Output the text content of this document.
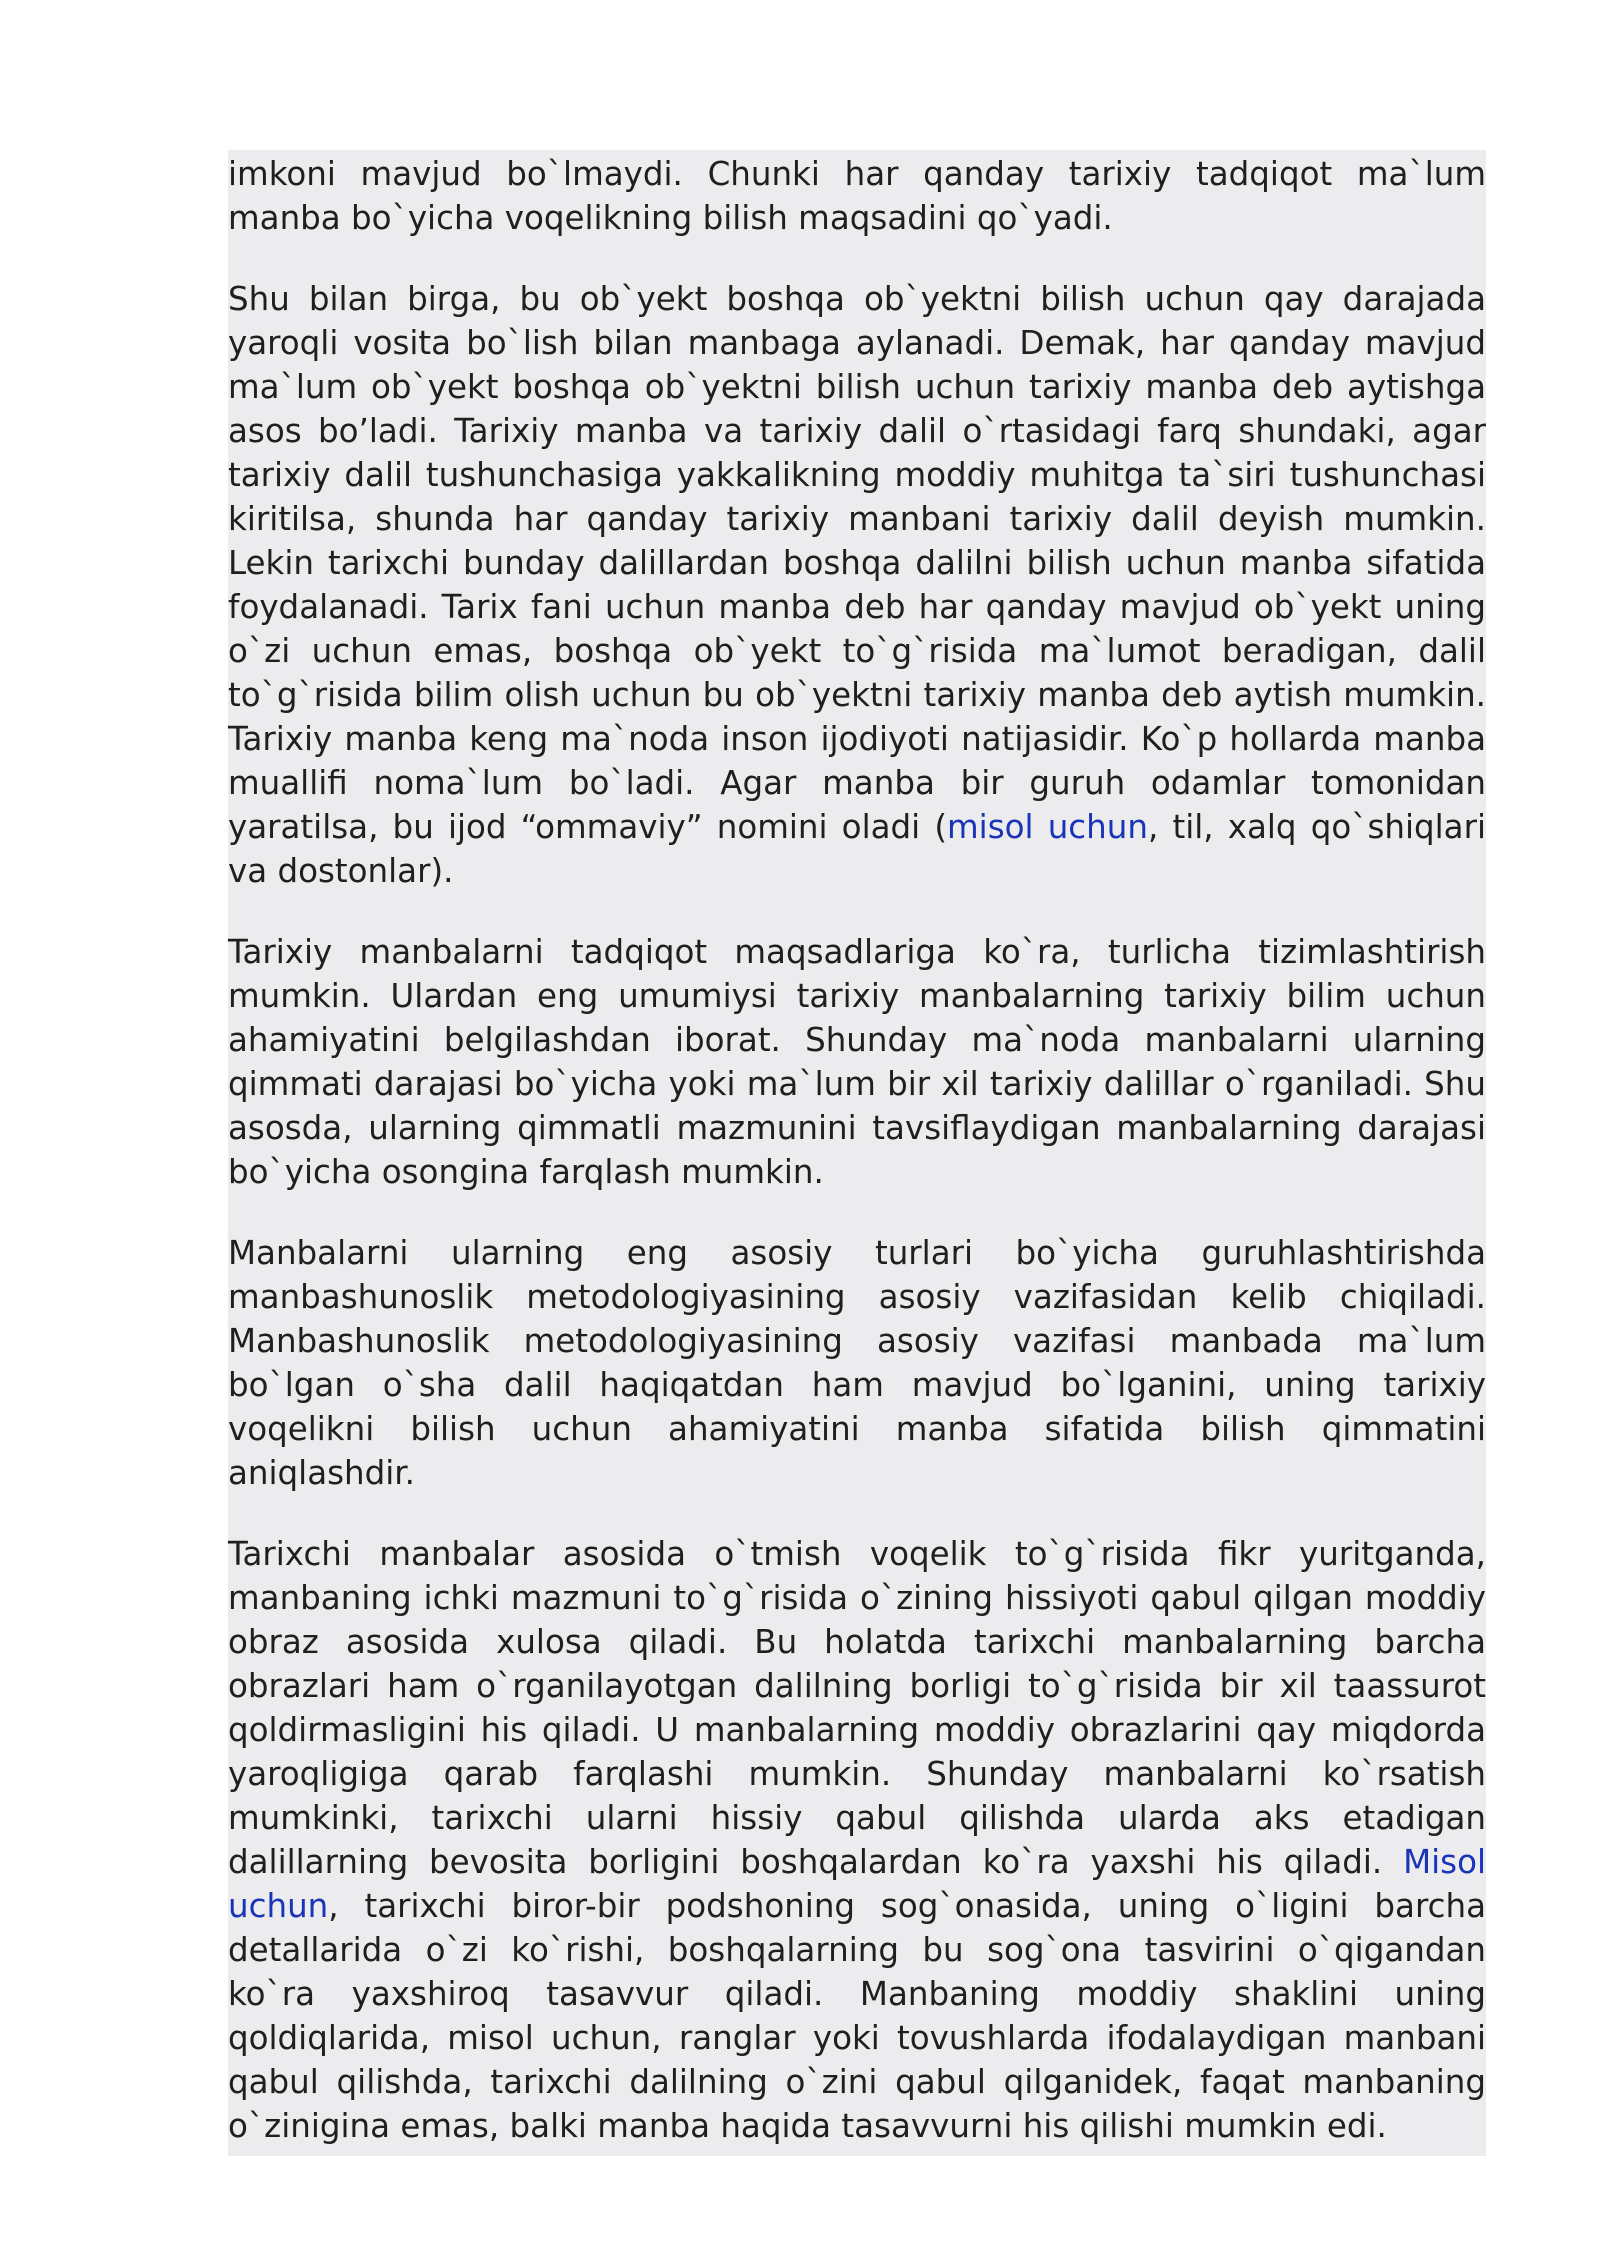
imkoni mavjud bo`lmaydi. Chunki har qanday tarixiy tadqiqot ma`lum manba bo`yicha voqelikning bilish maqsadini qo`yadi.

Shu bilan birga, bu ob`yekt boshqa ob`yektni bilish uchun qay darajada yaroqli vosita bo`lish bilan manbaga aylanadi. Demak, har qanday mavjud ma`lum ob`yekt boshqa ob`yektni bilish uchun tarixiy manba deb aytishga asos bo’ladi. Tarixiy manba va tarixiy dalil o`rtasidagi farq shundaki, agar tarixiy dalil tushunchasiga yakkalikning moddiy muhitga ta`siri tushunchasi kiritilsa, shunda har qanday tarixiy manbani tarixiy dalil deyish mumkin. Lekin tarixchi bunday dalillardan boshqa dalilni bilish uchun manba sifatida foydalanadi. Tarix fani uchun manba deb har qanday mavjud ob`yekt uning o`zi uchun emas, boshqa ob`yekt to`g`risida ma`lumot beradigan, dalil to`g`risida bilim olish uchun bu ob`yektni tarixiy manba deb aytish mumkin. Tarixiy manba keng ma`noda inson ijodiyoti natijasidir. Ko`p hollarda manba muallifi noma`lum bo`ladi. Agar manba bir guruh odamlar tomonidan yaratilsa, bu ijod “ommaviy” nomini oladi (misol uchun, til, xalq qo`shiqlari va dostonlar).

Tarixiy manbalarni tadqiqot maqsadlariga ko`ra, turlicha tizimlashtirish mumkin. Ulardan eng umumiysi tarixiy manbalarning tarixiy bilim uchun ahamiyatini belgilashdan iborat. Shunday ma`noda manbalarni ularning qimmati darajasi bo`yicha yoki ma`lum bir xil tarixiy dalillar o`rganiladi. Shu asosda, ularning qimmatli mazmunini tavsiflaydigan manbalarning darajasi bo`yicha osongina farqlash mumkin.

Manbalarni ularning eng asosiy turlari bo`yicha guruhlashtirishda manbashunoslik metodologiyasining asosiy vazifasidan kelib chiqiladi. Manbashunoslik metodologiyasining asosiy vazifasi manbada ma`lum bo`lgan o`sha dalil haqiqatdan ham mavjud bo`lganini, uning tarixiy voqelikni bilish uchun ahamiyatini manba sifatida bilish qimmatini aniqlashdir.

Tarixchi manbalar asosida o`tmish voqelik to`g`risida fikr yuritganda, manbaning ichki mazmuni to`g`risida o`zining hissiyoti qabul qilgan moddiy obraz asosida xulosa qiladi. Bu holatda tarixchi manbalarning barcha obrazlari ham o`rganilayotgan dalilning borligi to`g`risida bir xil taassurot qoldirmasligini his qiladi. U manbalarning moddiy obrazlarini qay miqdorda yaroqligiga qarab farqlashi mumkin. Shunday manbalarni ko`rsatish mumkinki, tarixchi ularni hissiy qabul qilishda ularda aks etadigan dalillarning bevosita borligini boshqalardan ko`ra yaxshi his qiladi. Misol uchun, tarixchi biror-bir podshoning sog`onasida, uning o`ligini barcha detallarida o`zi ko`rishi, boshqalarning bu sog`ona tasvirini o`qigandan ko`ra yaxshiroq tasavvur qiladi. Manbaning moddiy shaklini uning qoldiqlarida, misol uchun, ranglar yoki tovushlarda ifodalaydigan manbani qabul qilishda, tarixchi dalilning o`zini qabul qilganidek, faqat manbaning o`zinigina emas, balki manba haqida tasavvurni his qilishi mumkin edi.
